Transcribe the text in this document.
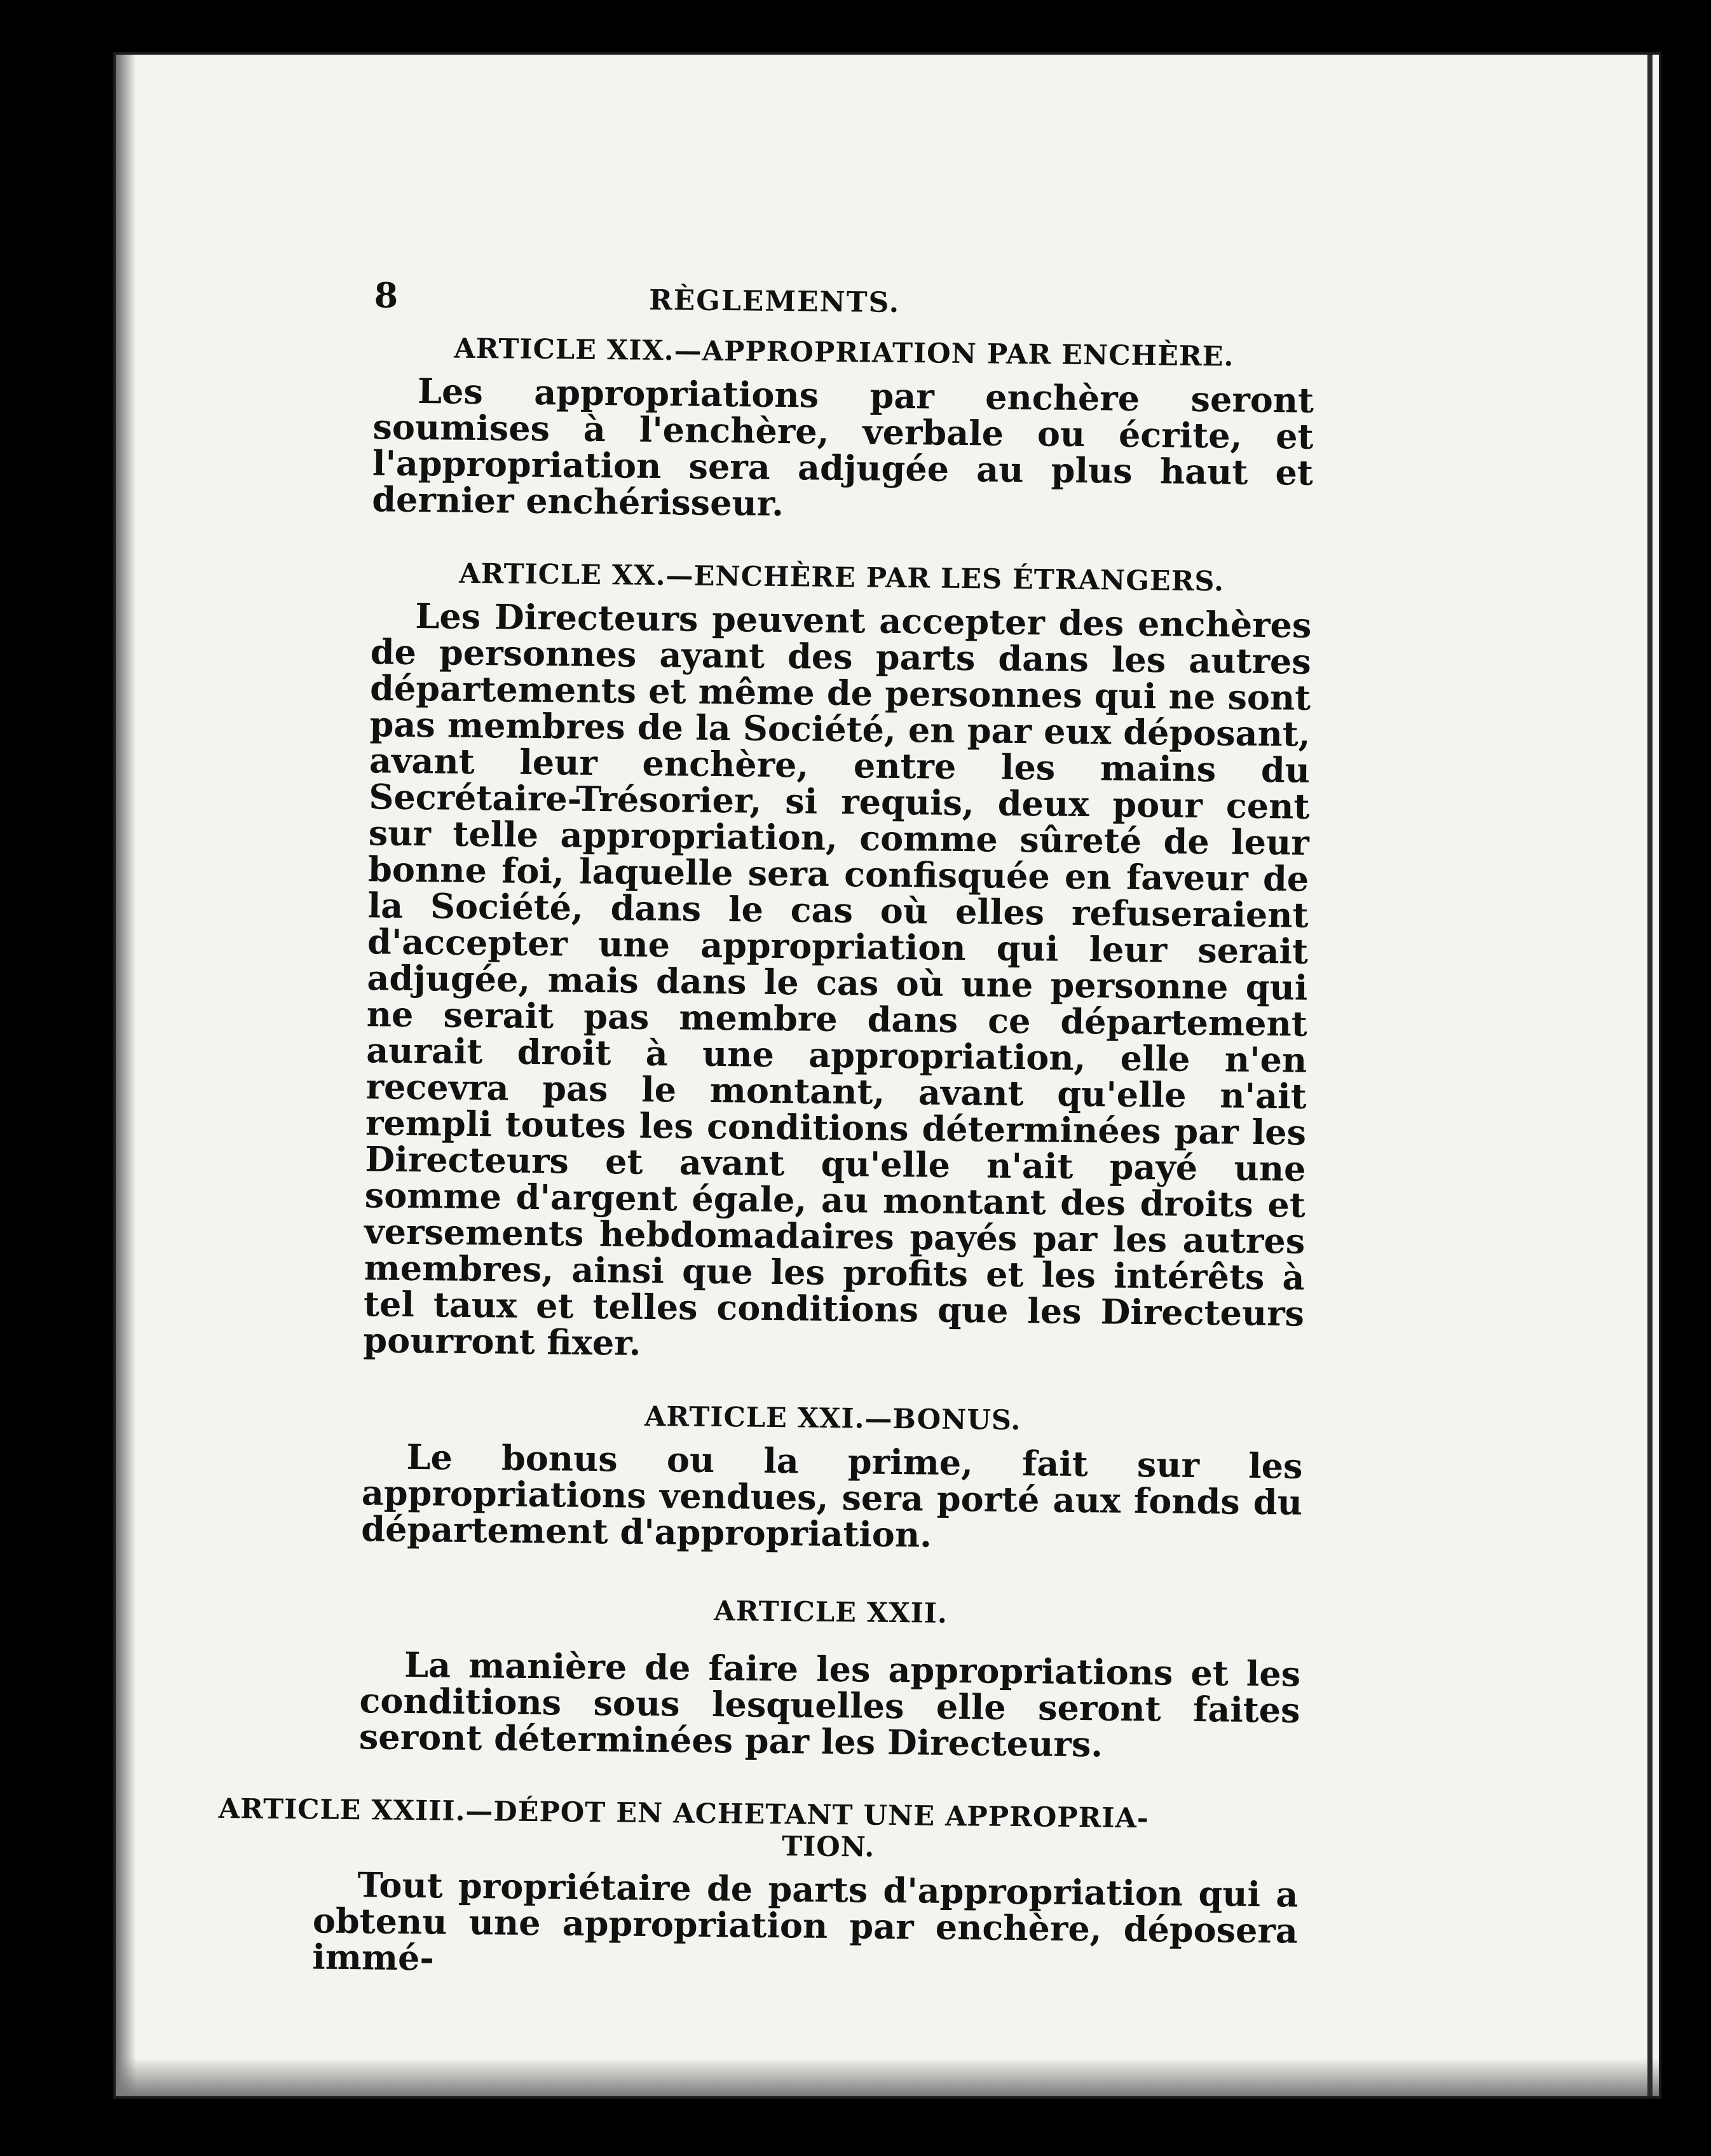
8	RÈGLEMENTS.
ARTICLE XIX.—APPROPRIATION PAR ENCHÈRE.

Les appropriations par enchère seront soumises à l'enchère, verbale ou écrite, et l'appropriation sera adjugée au plus haut et dernier enchérisseur.

ARTICLE XX.—ENCHÈRE PAR LES ÉTRANGERS.

Les Directeurs peuvent accepter des enchères de personnes ayant des parts dans les autres départements et même de personnes qui ne sont pas membres de la Société, en par eux déposant, avant leur enchère, entre les mains du Secrétaire-Trésorier, si requis, deux pour cent sur telle appropriation, comme sûreté de leur bonne foi, laquelle sera confisquée en faveur de la Société, dans le cas où elles refuseraient d'accepter une appropriation qui leur serait adjugée, mais dans le cas où une personne qui ne serait pas membre dans ce département aurait droit à une appropriation, elle n'en recevra pas le montant, avant qu'elle n'ait rempli toutes les conditions déterminées par les Directeurs et avant qu'elle n'ait payé une somme d'argent égale, au montant des droits et versements hebdomadaires payés par les autres membres, ainsi que les profits et les intérêts à tel taux et telles conditions que les Directeurs pourront fixer.

ARTICLE XXI.—BONUS.

Le bonus ou la prime, fait sur les appropriations vendues, sera porté aux fonds du département d'appropriation.

ARTICLE XXII.

La manière de faire les appropriations et les conditions sous lesquelles elle seront faites seront déterminées par les Directeurs.

ARTICLE XXIII.—DÉPOT EN ACHETANT UNE APPROPRIA-
TION.

Tout propriétaire de parts d'appropriation qui a obtenu une appropriation par enchère, déposera immé-
